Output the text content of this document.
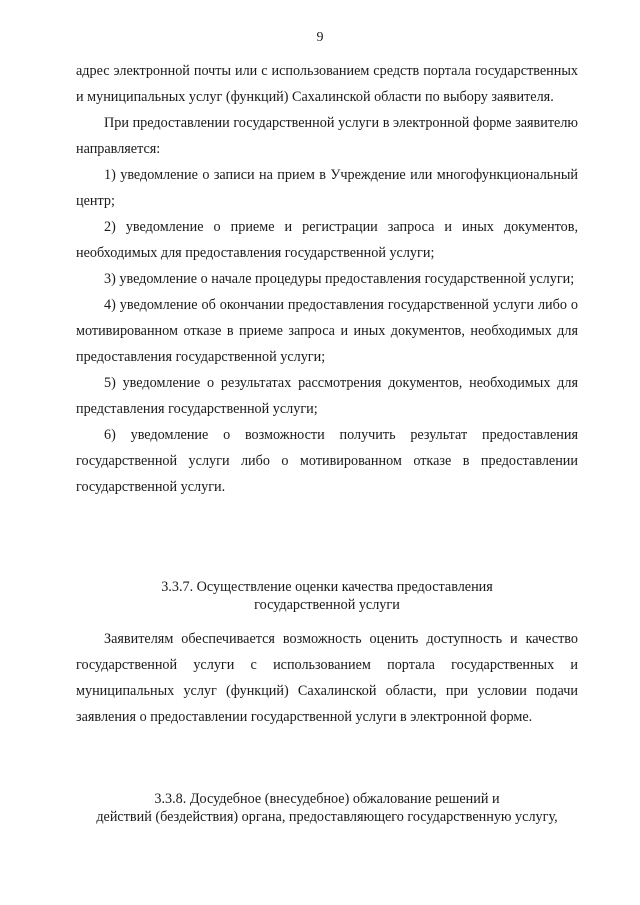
9

адрес электронной почты или с использованием средств портала государственных и муниципальных услуг (функций) Сахалинской области по выбору заявителя.

При предоставлении государственной услуги в электронной форме заявителю направляется:

1) уведомление о записи на прием в Учреждение или многофункциональный центр;

2) уведомление о приеме и регистрации запроса и иных документов, необходимых для предоставления государственной услуги;

3) уведомление о начале процедуры предоставления государственной услуги;

4) уведомление об окончании предоставления государственной услуги либо о мотивированном отказе в приеме запроса и иных документов, необходимых для предоставления государственной услуги;

5) уведомление о результатах рассмотрения документов, необходимых для представления государственной услуги;

6) уведомление о возможности получить результат предоставления государственной услуги либо о мотивированном отказе в предоставлении государственной услуги.

3.3.7. Осуществление оценки качества предоставления
государственной услуги

Заявителям обеспечивается возможность оценить доступность и качество государственной услуги с использованием портала государственных и муниципальных услуг (функций) Сахалинской области, при условии подачи заявления о предоставлении государственной услуги в электронной форме.

3.3.8. Досудебное (внесудебное) обжалование решений и
действий (бездействия) органа, предоставляющего государственную услугу,
